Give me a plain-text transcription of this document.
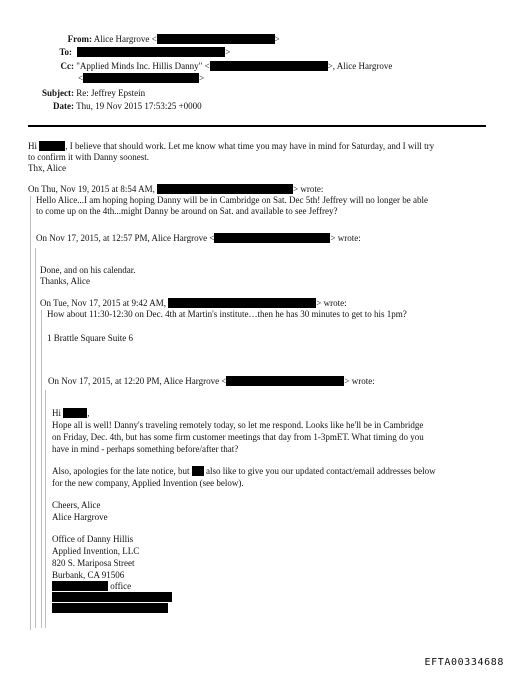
From: Alice Hargrove <	>
To:	>
Cc: "Applied Minds Inc. Hillis Danny" <	>, Alice Hargrove
<	>
Subject: Re: Jeffrey Epstein
Date: Thu, 19 Nov 2015 17:53:25 +0000
Hi	, I believe that should work. Let me know what time you may have in mind for Saturday, and I will try
to confirm it with Danny soonest.
Thx, Alice
On Thu, Nov 19, 2015 at 8:54 AM,	> wrote:
Hello Alice...I am hoping hoping Danny will be in Cambridge on Sat. Dec 5th! Jeffrey will no longer be able
to come up on the 4th...might Danny be around on Sat. and available to see Jeffrey?
On Nov 17, 2015, at 12:57 PM, Alice Hargrove <	> wrote:
Done, and on his calendar.
Thanks, Alice
On Tue, Nov 17, 2015 at 9:42 AM,	> wrote:
How about 11:30-12:30 on Dec. 4th at Martin's institute…then he has 30 minutes to get to his 1pm?
1 Brattle Square Suite 6
On Nov 17, 2015, at 12:20 PM, Alice Hargrove <	> wrote:
Hi	,
Hope all is well! Danny's traveling remotely today, so let me respond. Looks like he'll be in Cambridge
on Friday, Dec. 4th, but has some firm customer meetings that day from 1-3pmET. What timing do you
have in mind - perhaps something before/after that?
Also, apologies for the late notice, but also like to give you our updated contact/email addresses below
for the new company, Applied Invention (see below).
Cheers, Alice
Alice Hargrove
Office of Danny Hillis
Applied Invention, LLC
820 S. Mariposa Street
Burbank, CA 91506
office
EFTA00334688
